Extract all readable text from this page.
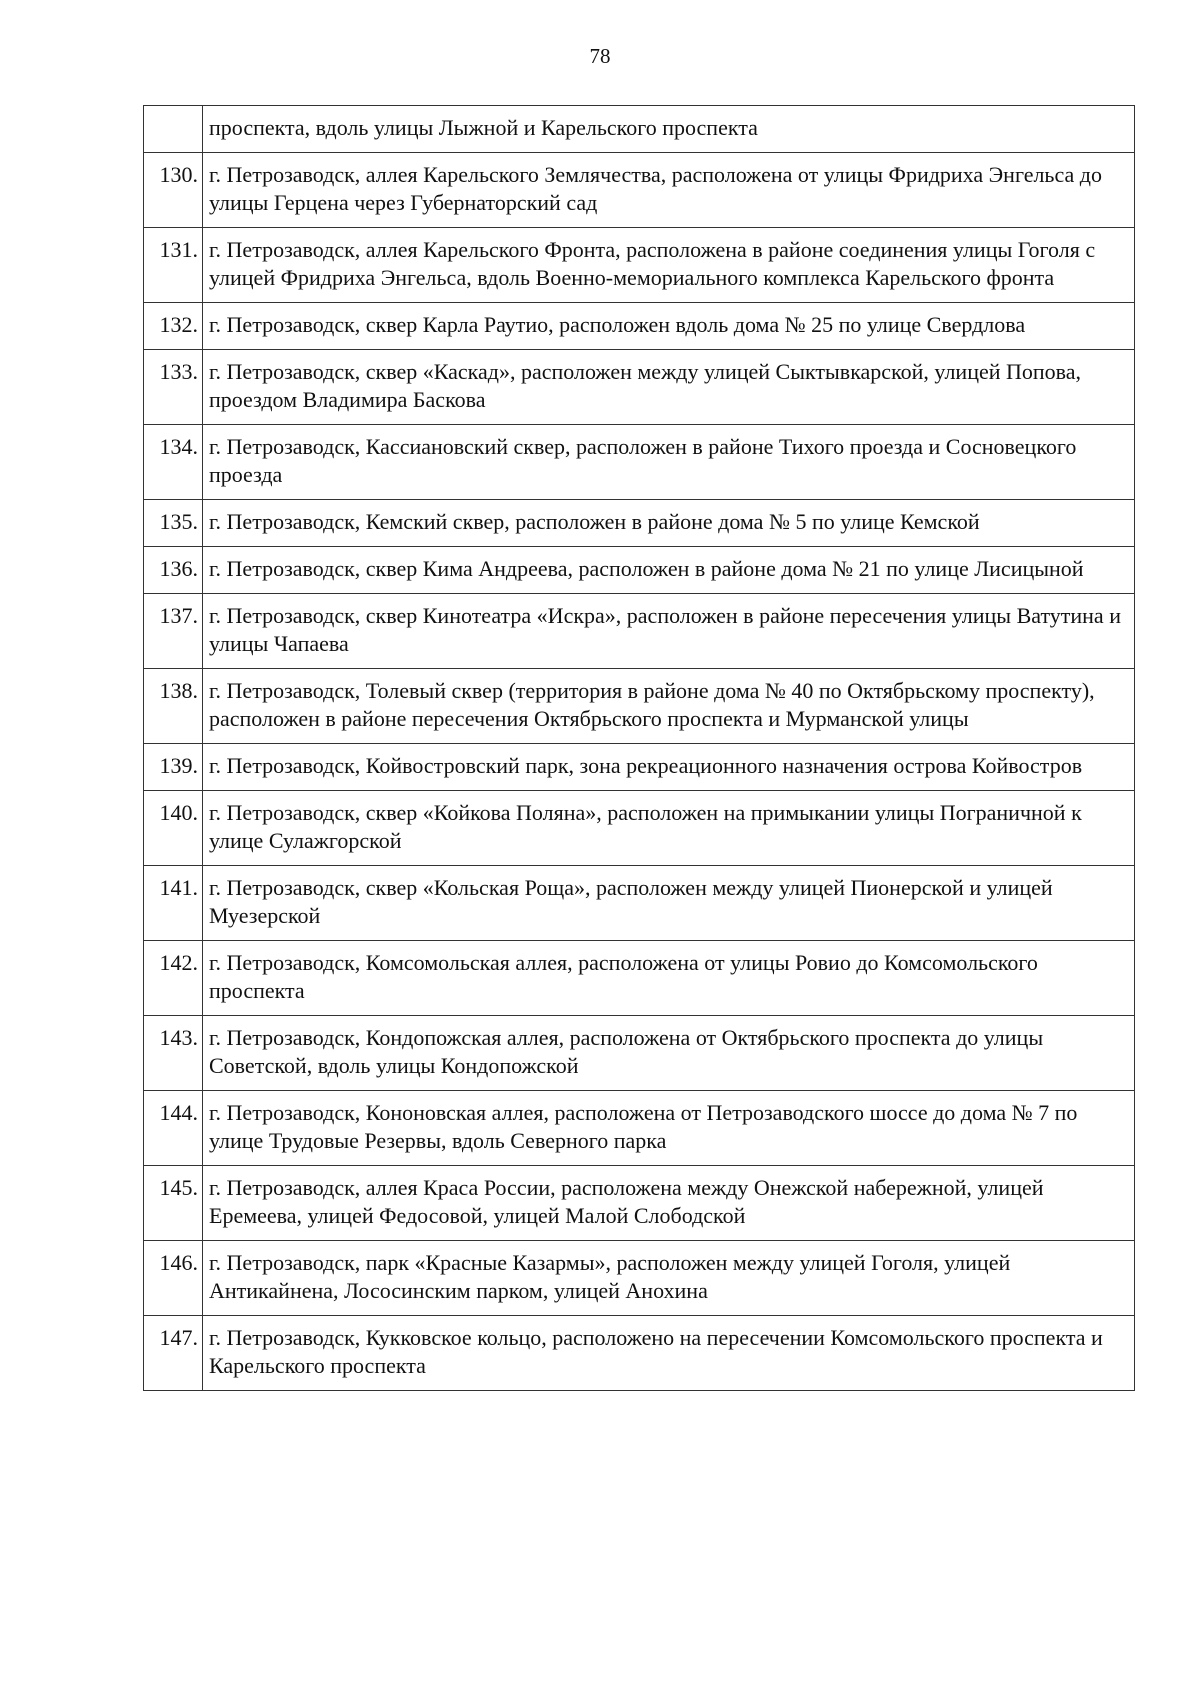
78
	проспекта, вдоль улицы Лыжной и Карельского проспекта
130.	г. Петрозаводск, аллея Карельского Землячества, расположена от улицы Фридриха Энгельса до улицы Герцена через Губернаторский сад
131.	г. Петрозаводск, аллея Карельского Фронта, расположена в районе соединения улицы Гоголя с улицей Фридриха Энгельса, вдоль Военно-мемориального комплекса Карельского фронта
132.	г. Петрозаводск, сквер Карла Раутио, расположен вдоль дома № 25 по улице Свердлова
133.	г. Петрозаводск, сквер «Каскад», расположен между улицей Сыктывкарской, улицей Попова, проездом Владимира Баскова
134.	г. Петрозаводск, Кассиановский сквер, расположен в районе Тихого проезда и Сосновецкого проезда
135.	г. Петрозаводск, Кемский сквер, расположен в районе дома № 5 по улице Кемской
136.	г. Петрозаводск, сквер Кима Андреева, расположен в районе дома № 21 по улице Лисицыной
137.	г. Петрозаводск, сквер Кинотеатра «Искра», расположен в районе пересечения улицы Ватутина и улицы Чапаева
138.	г. Петрозаводск, Толевый сквер (территория в районе дома № 40 по Октябрьскому проспекту), расположен в районе пересечения Октябрьского проспекта и Мурманской улицы
139.	г. Петрозаводск, Койвостровский парк, зона рекреационного назначения острова Койвостров
140.	г. Петрозаводск, сквер «Койкова Поляна», расположен на примыкании улицы Пограничной к улице Сулажгорской
141.	г. Петрозаводск, сквер «Кольская Роща», расположен между улицей Пионерской и улицей Муезерской
142.	г. Петрозаводск, Комсомольская аллея, расположена от улицы Ровио до Комсомольского проспекта
143.	г. Петрозаводск, Кондопожская аллея, расположена от Октябрьского проспекта до улицы Советской, вдоль улицы Кондопожской
144.	г. Петрозаводск, Кононовская аллея, расположена от Петрозаводского шоссе до дома № 7 по улице Трудовые Резервы, вдоль Северного парка
145.	г. Петрозаводск, аллея Краса России, расположена между Онежской набережной, улицей Еремеева, улицей Федосовой, улицей Малой Слободской
146.	г. Петрозаводск, парк «Красные Казармы», расположен между улицей Гоголя, улицей Антикайнена, Лососинским парком, улицей Анохина
147.	г. Петрозаводск, Кукковское кольцо, расположено на пересечении Комсомольского проспекта и Карельского проспекта
